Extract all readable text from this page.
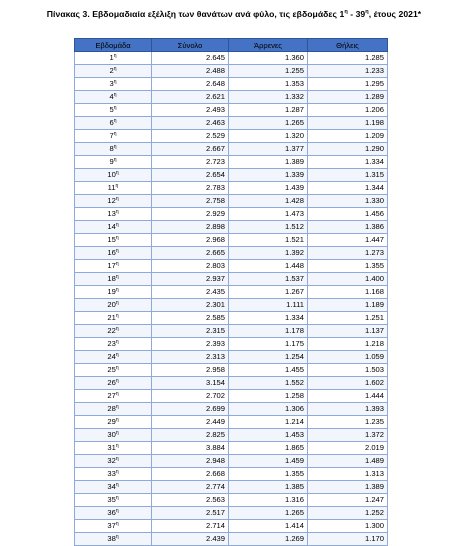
Πίνακας 3. Εβδομαδιαία εξέλιξη των θανάτων ανά φύλο, τις εβδομάδες $1^\eta - 39^\eta$, έτους 2021*
Εβδομάδα	Σύνολο	Άρρενες	Θήλεις
$1^\eta$	2.645	1.360	1.285
$2^\eta$	2.488	1.255	1.233
$3^\eta$	2.648	1.353	1.295
$4^\eta$	2.621	1.332	1.289
$5^\eta$	2.493	1.287	1.206
$6^\eta$	2.463	1.265	1.198
$7^\eta$	2.529	1.320	1.209
$8^\eta$	2.667	1.377	1.290
$9^\eta$	2.723	1.389	1.334
$10^\eta$	2.654	1.339	1.315
$11^\eta$	2.783	1.439	1.344
$12^\eta$	2.758	1.428	1.330
$13^\eta$	2.929	1.473	1.456
$14^\eta$	2.898	1.512	1.386
$15^\eta$	2.968	1.521	1.447
$16^\eta$	2.665	1.392	1.273
$17^\eta$	2.803	1.448	1.355
$18^\eta$	2.937	1.537	1.400
$19^\eta$	2.435	1.267	1.168
$20^\eta$	2.301	1.111	1.189
$21^\eta$	2.585	1.334	1.251
$22^\eta$	2.315	1.178	1.137
$23^\eta$	2.393	1.175	1.218
$24^\eta$	2.313	1.254	1.059
$25^\eta$	2.958	1.455	1.503
$26^\eta$	3.154	1.552	1.602
$27^\eta$	2.702	1.258	1.444
$28^\eta$	2.699	1.306	1.393
$29^\eta$	2.449	1.214	1.235
$30^\eta$	2.825	1.453	1.372
$31^\eta$	3.884	1.865	2.019
$32^\eta$	2.948	1.459	1.489
$33^\eta$	2.668	1.355	1.313
$34^\eta$	2.774	1.385	1.389
$35^\eta$	2.563	1.316	1.247
$36^\eta$	2.517	1.265	1.252
$37^\eta$	2.714	1.414	1.300
$38^\eta$	2.439	1.269	1.170
